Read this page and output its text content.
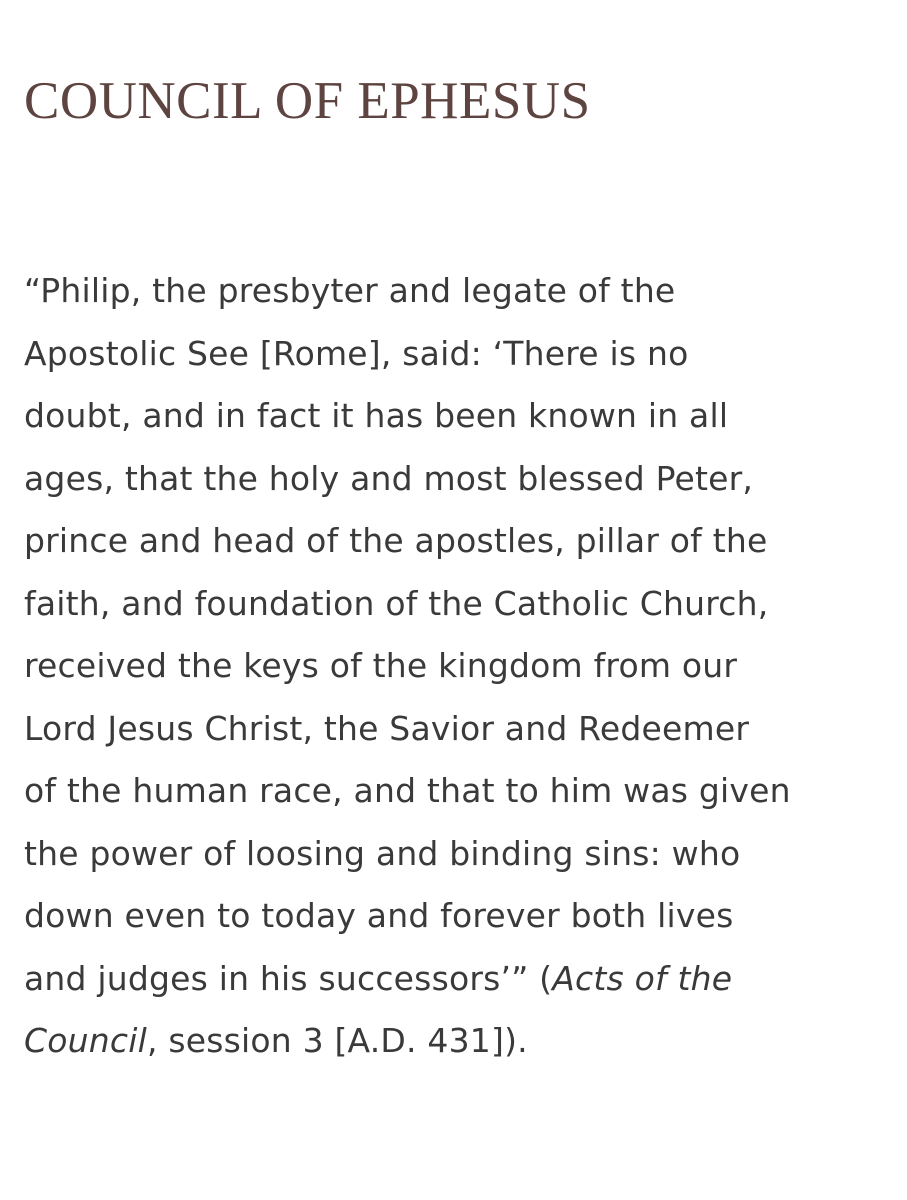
COUNCIL OF EPHESUS

“Philip, the presbyter and legate of the
Apostolic See [Rome], said: ‘There is no
doubt, and in fact it has been known in all
ages, that the holy and most blessed Peter,
prince and head of the apostles, pillar of the
faith, and foundation of the Catholic Church,
received the keys of the kingdom from our
Lord Jesus Christ, the Savior and Redeemer
of the human race, and that to him was given
the power of loosing and binding sins: who
down even to today and forever both lives
and judges in his successors’” (Acts of the
Council, session 3 [A.D. 431]).
